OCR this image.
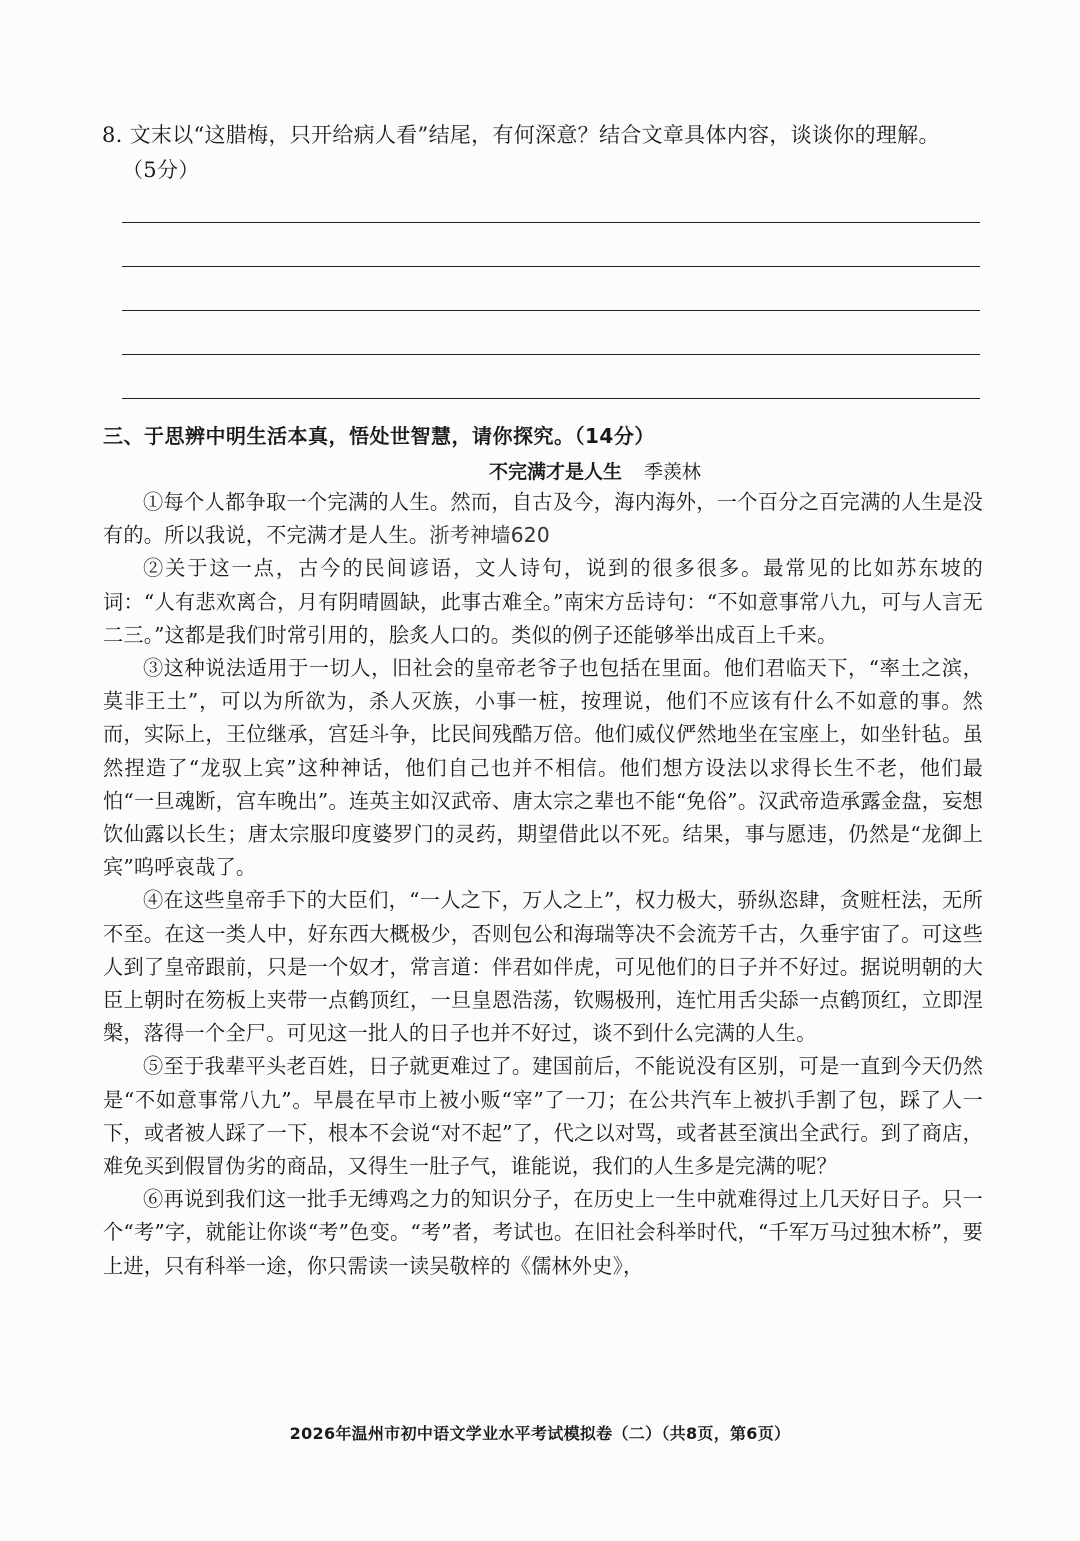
8. 文末以“这腊梅，只开给病人看”结尾，有何深意？结合文章具体内容，谈谈你的理解。
（5分）
三、于思辨中明生活本真，悟处世智慧，请你探究。（14分）
不完满才是人生 季羡林

①每个人都争取一个完满的人生。然而，自古及今，海内海外，一个百分之百完满的人生是没有的。所以我说，不完满才是人生。浙考神墙620

②关于这一点，古今的民间谚语，文人诗句，说到的很多很多。最常见的比如苏东坡的词：“人有悲欢离合，月有阴晴圆缺，此事古难全。”南宋方岳诗句：“不如意事常八九，可与人言无二三。”这都是我们时常引用的，脍炙人口的。类似的例子还能够举出成百上千来。

③这种说法适用于一切人，旧社会的皇帝老爷子也包括在里面。他们君临天下，“率土之滨，莫非王土”，可以为所欲为，杀人灭族，小事一桩，按理说，他们不应该有什么不如意的事。然而，实际上，王位继承，宫廷斗争，比民间残酷万倍。他们威仪俨然地坐在宝座上，如坐针毡。虽然捏造了“龙驭上宾”这种神话，他们自己也并不相信。他们想方设法以求得长生不老，他们最怕“一旦魂断，宫车晚出”。连英主如汉武帝、唐太宗之辈也不能“免俗”。汉武帝造承露金盘，妄想饮仙露以长生；唐太宗服印度婆罗门的灵药，期望借此以不死。结果，事与愿违，仍然是“龙御上宾”呜呼哀哉了。

④在这些皇帝手下的大臣们，“一人之下，万人之上”，权力极大，骄纵恣肆，贪赃枉法，无所不至。在这一类人中，好东西大概极少，否则包公和海瑞等决不会流芳千古，久垂宇宙了。可这些人到了皇帝跟前，只是一个奴才，常言道：伴君如伴虎，可见他们的日子并不好过。据说明朝的大臣上朝时在笏板上夹带一点鹤顶红，一旦皇恩浩荡，钦赐极刑，连忙用舌尖舔一点鹤顶红，立即涅槃，落得一个全尸。可见这一批人的日子也并不好过，谈不到什么完满的人生。

⑤至于我辈平头老百姓，日子就更难过了。建国前后，不能说没有区别，可是一直到今天仍然是“不如意事常八九”。早晨在早市上被小贩“宰”了一刀；在公共汽车上被扒手割了包，踩了人一下，或者被人踩了一下，根本不会说“对不起”了，代之以对骂，或者甚至演出全武行。到了商店，难免买到假冒伪劣的商品，又得生一肚子气，谁能说，我们的人生多是完满的呢？

⑥再说到我们这一批手无缚鸡之力的知识分子，在历史上一生中就难得过上几天好日子。只一个“考”字，就能让你谈“考”色变。“考”者，考试也。在旧社会科举时代，“千军万马过独木桥”，要上进，只有科举一途，你只需读一读吴敬梓的《儒林外史》，

2026年温州市初中语文学业水平考试模拟卷（二）（共8页，第6页）
